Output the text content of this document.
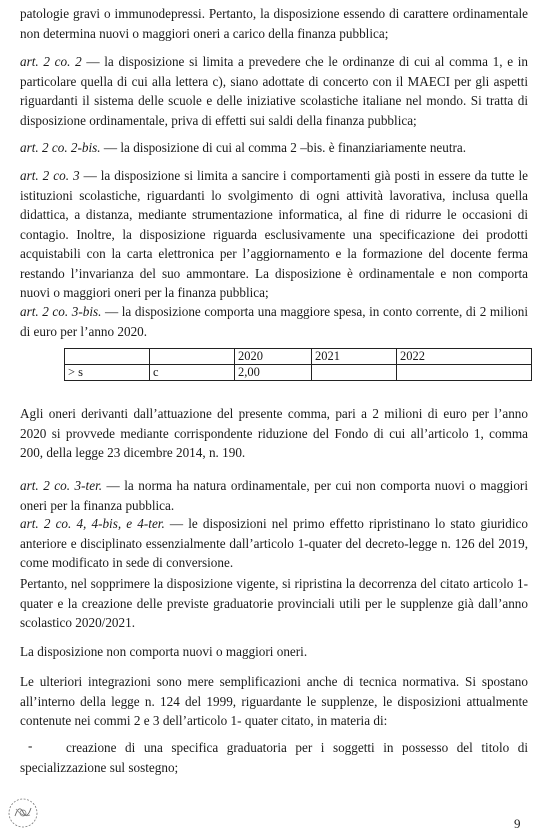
patologie gravi o immunodepressi. Pertanto, la disposizione essendo di carattere ordinamentale non determina nuovi o maggiori oneri a carico della finanza pubblica;

art. 2 co. 2 — la disposizione si limita a prevedere che le ordinanze di cui al comma 1, e in particolare quella di cui alla lettera c), siano adottate di concerto con il MAECI per gli aspetti riguardanti il sistema delle scuole e delle iniziative scolastiche italiane nel mondo. Si tratta di disposizione ordinamentale, priva di effetti sui saldi della finanza pubblica;

art. 2 co. 2-bis. — la disposizione di cui al comma 2 –bis. è finanziariamente neutra.

art. 2 co. 3 — la disposizione si limita a sancire i comportamenti già posti in essere da tutte le istituzioni scolastiche, riguardanti lo svolgimento di ogni attività lavorativa, inclusa quella didattica, a distanza, mediante strumentazione informatica, al fine di ridurre le occasioni di contagio. Inoltre, la disposizione riguarda esclusivamente una specificazione dei prodotti acquistabili con la carta elettronica per l’aggiornamento e la formazione del docente ferma restando l’invarianza del suo ammontare. La disposizione è ordinamentale e non comporta nuovi o maggiori oneri per la finanza pubblica;

art. 2 co. 3-bis. — la disposizione comporta una maggiore spesa, in conto corrente, di 2 milioni di euro per l’anno 2020.

		2020	2021	2022
> s	c	2,00		

Agli oneri derivanti dall’attuazione del presente comma, pari a 2 milioni di euro per l’anno 2020 si provvede mediante corrispondente riduzione del Fondo di cui all’articolo 1, comma 200, della legge 23 dicembre 2014, n. 190.

art. 2 co. 3-ter. — la norma ha natura ordinamentale, per cui non comporta nuovi o maggiori oneri per la finanza pubblica.

art. 2 co. 4, 4-bis, e 4-ter. — le disposizioni nel primo effetto ripristinano lo stato giuridico anteriore e disciplinato essenzialmente dall’articolo 1-quater del decreto-legge n. 126 del 2019, come modificato in sede di conversione.

Pertanto, nel sopprimere la disposizione vigente, si ripristina la decorrenza del citato articolo 1- quater e la creazione delle previste graduatorie provinciali utili per le supplenze già dall’anno scolastico 2020/2021.

La disposizione non comporta nuovi o maggiori oneri.

Le ulteriori integrazioni sono mere semplificazioni anche di tecnica normativa. Si spostano all’interno della legge n. 124 del 1999, riguardante le supplenze, le disposizioni attualmente contenute nei commi 2 e 3 dell’articolo 1- quater citato, in materia di:

-	creazione di una specifica graduatoria per i soggetti in possesso del titolo di specializzazione sul sostegno;

9
